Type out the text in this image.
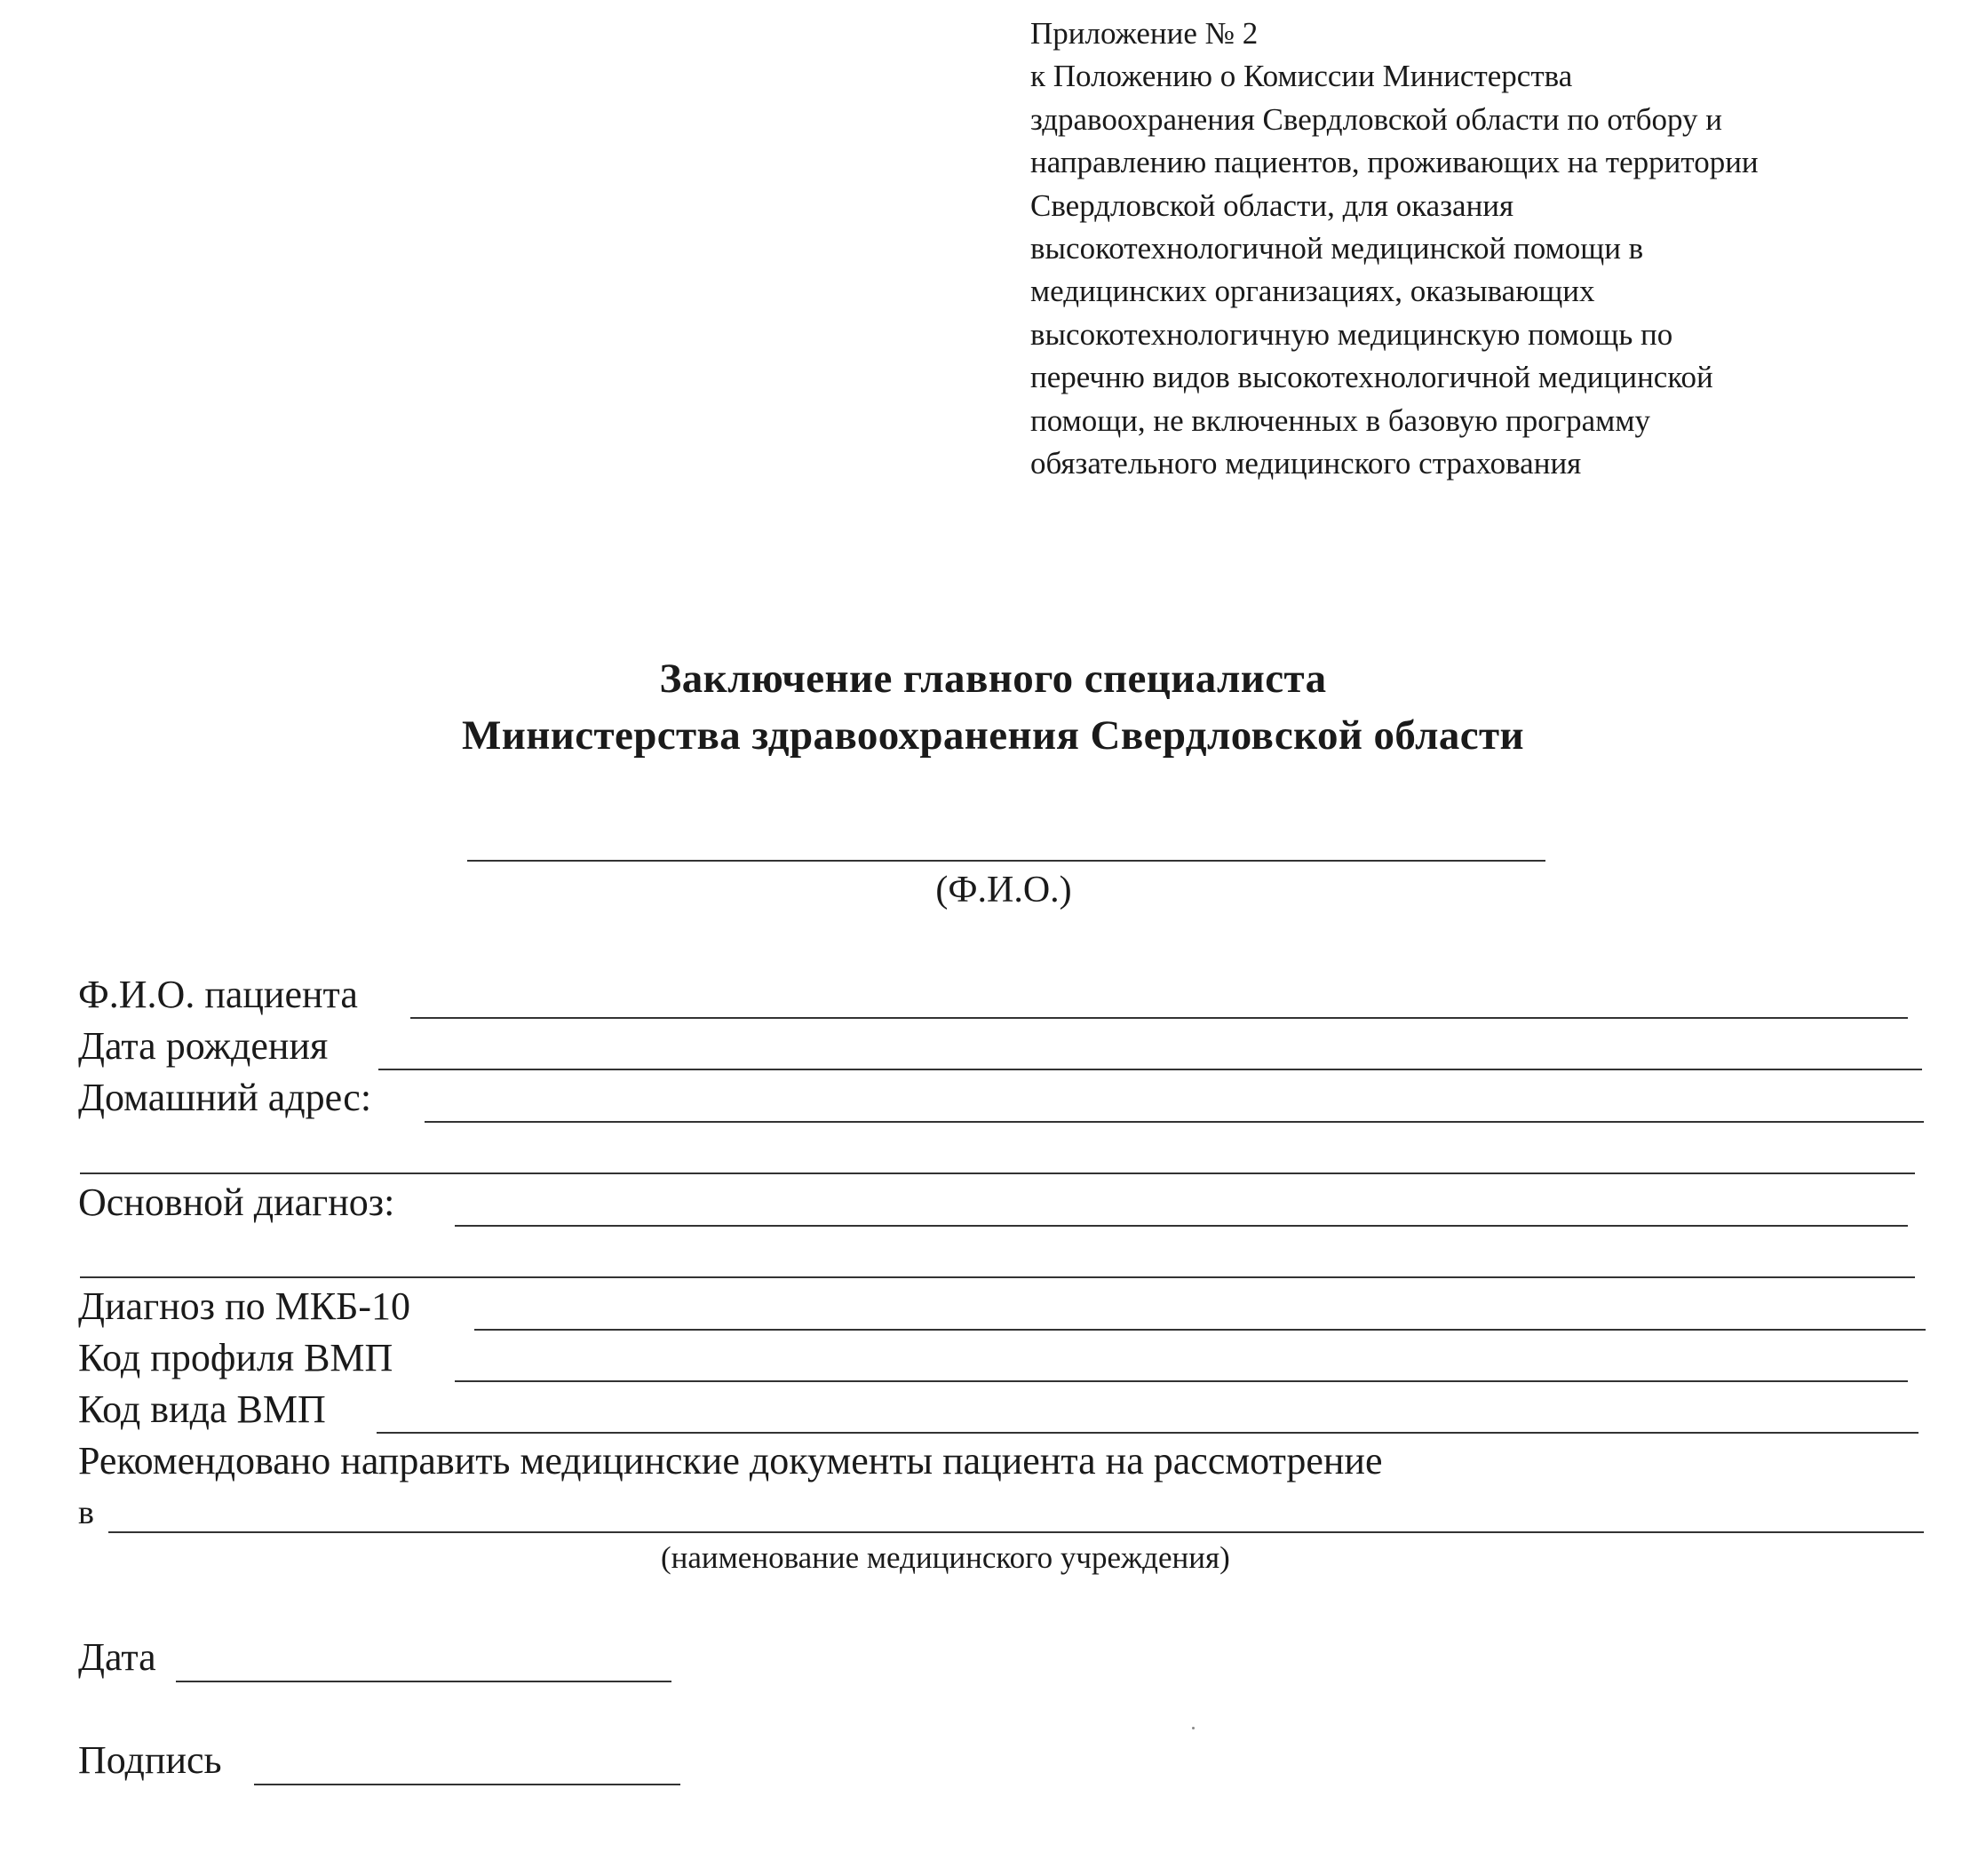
Приложение № 2
к Положению о Комиссии Министерства
здравоохранения Свердловской области по отбору и
направлению пациентов, проживающих на территории
Свердловской области, для оказания
высокотехнологичной медицинской помощи в
медицинских организациях, оказывающих
высокотехнологичную медицинскую помощь по
перечню видов высокотехнологичной медицинской
помощи, не включенных в базовую программу
обязательного медицинского страхования
Заключение главного специалиста
Министерства здравоохранения Свердловской области
(Ф.И.О.)
Ф.И.О. пациента
Дата рождения
Домашний адрес:
Основной диагноз:
Диагноз по МКБ-10
Код профиля ВМП
Код вида ВМП
Рекомендовано направить медицинские документы пациента на рассмотрение
в
(наименование медицинского учреждения)
Дата
Подпись
